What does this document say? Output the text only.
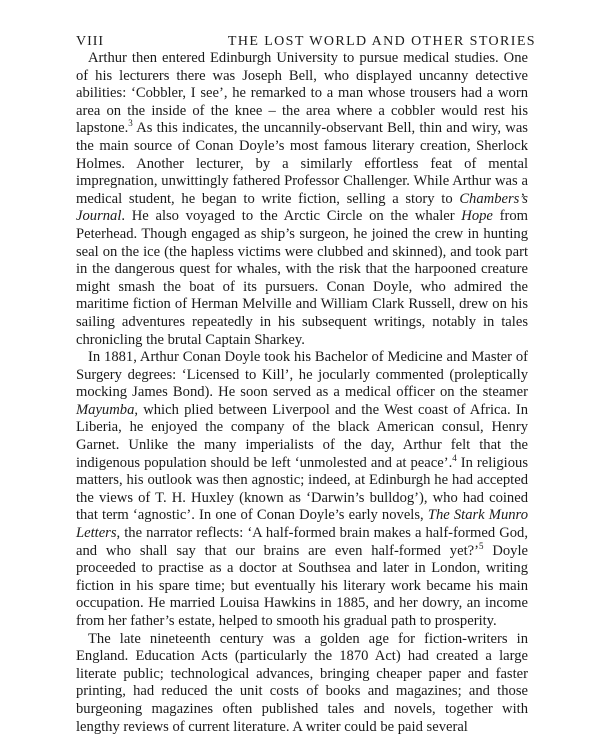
VIII	THE LOST WORLD AND OTHER STORIES

Arthur then entered Edinburgh University to pursue medical studies. One of his lecturers there was Joseph Bell, who displayed uncanny detective abilities: ‘Cobbler, I see’, he remarked to a man whose trousers had a worn area on the inside of the knee – the area where a cobbler would rest his lapstone.$^3$ As this indicates, the uncannily-observant Bell, thin and wiry, was the main source of Conan Doyle’s most famous literary creation, Sherlock Holmes. Another lecturer, by a similarly effortless feat of mental impregnation, unwittingly fathered Professor Challenger. While Arthur was a medical student, he began to write fiction, selling a story to Chambers’s Journal. He also voyaged to the Arctic Circle on the whaler Hope from Peterhead. Though engaged as ship’s surgeon, he joined the crew in hunting seal on the ice (the hapless victims were clubbed and skinned), and took part in the dangerous quest for whales, with the risk that the harpooned creature might smash the boat of its pursuers. Conan Doyle, who admired the maritime fiction of Herman Melville and William Clark Russell, drew on his sailing adventures repeatedly in his subsequent writings, notably in tales chronicling the brutal Captain Sharkey.

In 1881, Arthur Conan Doyle took his Bachelor of Medicine and Master of Surgery degrees: ‘Licensed to Kill’, he jocularly commented (proleptically mocking James Bond). He soon served as a medical officer on the steamer Mayumba, which plied between Liverpool and the West coast of Africa. In Liberia, he enjoyed the company of the black American consul, Henry Garnet. Unlike the many imperialists of the day, Arthur felt that the indigenous population should be left ‘unmolested and at peace’.$^4$ In religious matters, his outlook was then agnostic; indeed, at Edinburgh he had accepted the views of T. H. Huxley (known as ‘Darwin’s bulldog’), who had coined that term ‘agnostic’. In one of Conan Doyle’s early novels, The Stark Munro Letters, the narrator reflects: ‘A half-formed brain makes a half-formed God, and who shall say that our brains are even half-formed yet?’$^5$ Doyle proceeded to practise as a doctor at Southsea and later in London, writing fiction in his spare time; but eventually his literary work became his main occupation. He married Louisa Hawkins in 1885, and her dowry, an income from her father’s estate, helped to smooth his gradual path to prosperity.

The late nineteenth century was a golden age for fiction-writers in England. Education Acts (particularly the 1870 Act) had created a large literate public; technological advances, bringing cheaper paper and faster printing, had reduced the unit costs of books and magazines; and those burgeoning magazines often published tales and novels, together with lengthy reviews of current literature. A writer could be paid several
